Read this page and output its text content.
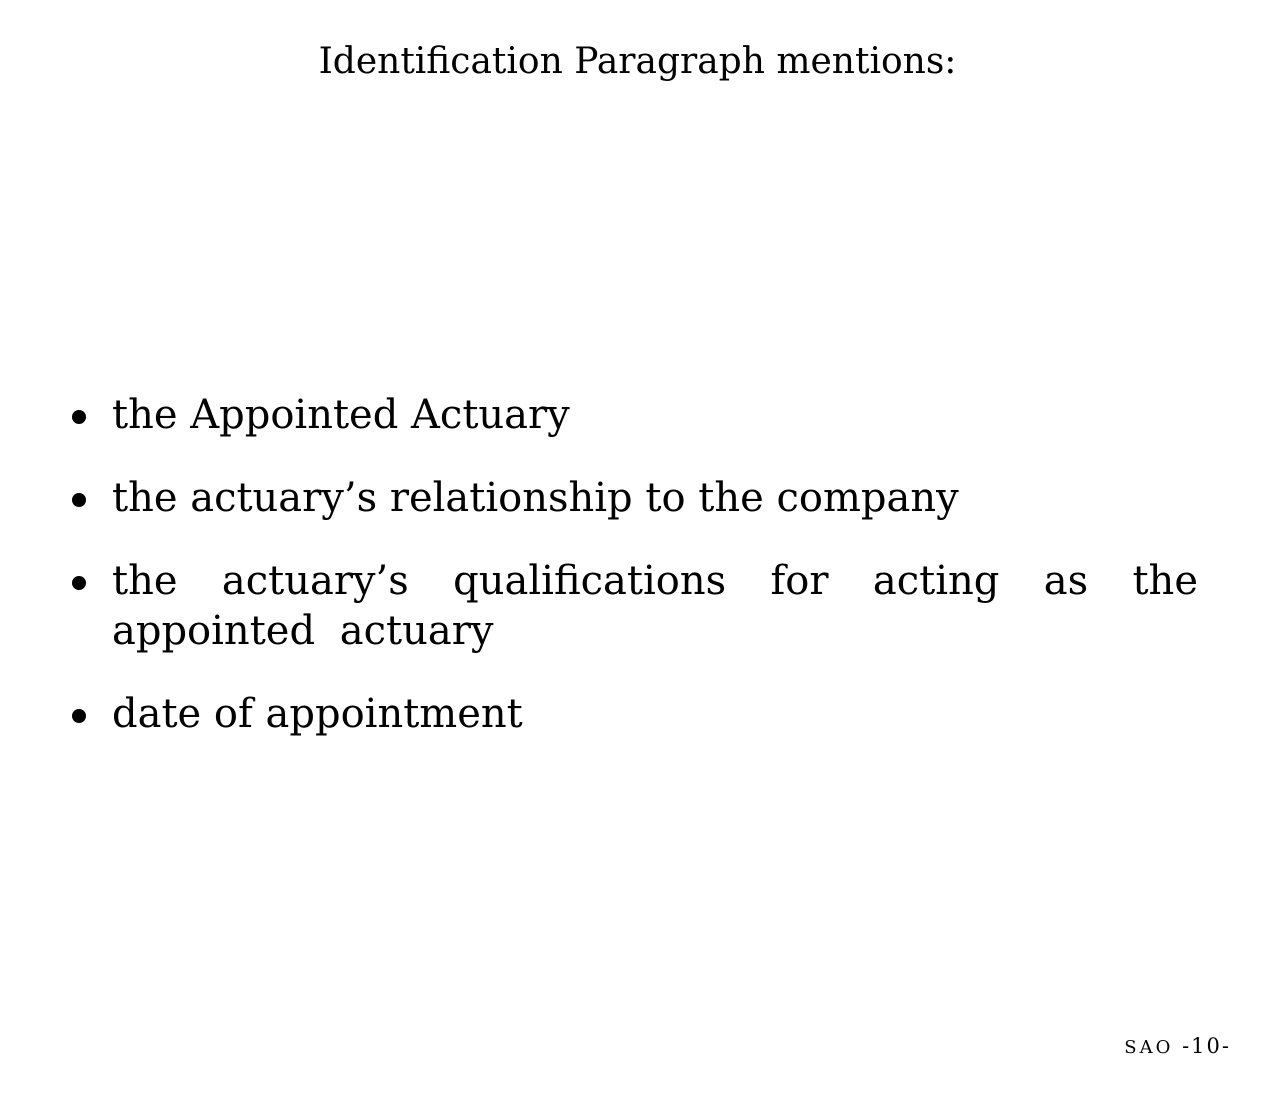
Identification Paragraph mentions:
the Appointed Actuary
the actuary’s relationship to the company
the actuary’s qualifications for acting as the appointed actuary
date of appointment
SAO -10-
